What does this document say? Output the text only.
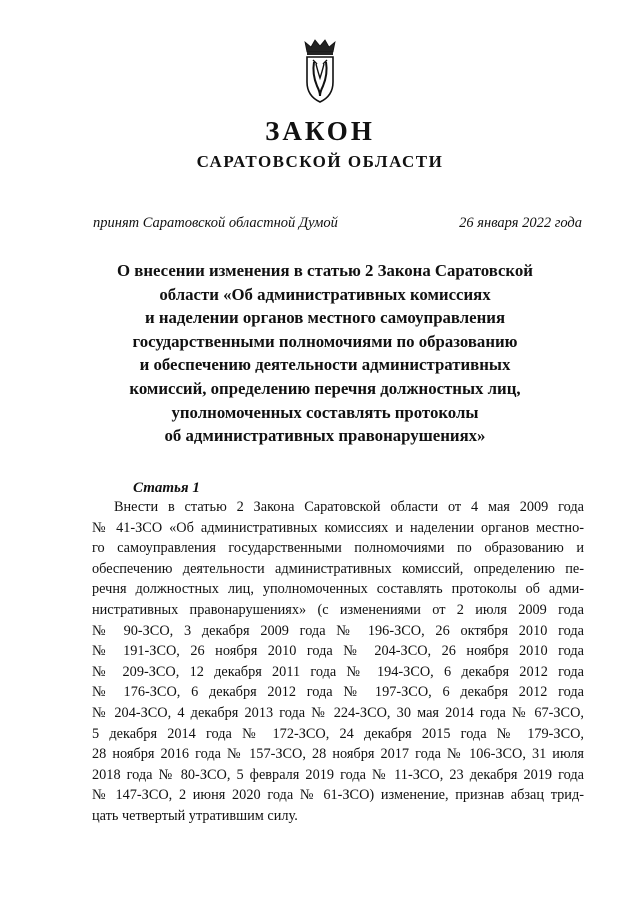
ЗАКОН
САРАТОВСКОЙ ОБЛАСТИ
принят Саратовской областной Думой	26 января 2022 года
О внесении изменения в статью 2 Закона Саратовской
области «Об административных комиссиях
и наделении органов местного самоуправления
государственными полномочиями по образованию
и обеспечению деятельности административных
комиссий, определению перечня должностных лиц,
уполномоченных составлять протоколы
об административных правонарушениях»
Статья 1
Внести в статью 2 Закона Саратовской области от 4 мая 2009 года
№ 41-ЗСО «Об административных комиссиях и наделении органов местно-
го самоуправления государственными полномочиями по образованию и
обеспечению деятельности административных комиссий, определению пе-
речня должностных лиц, уполномоченных составлять протоколы об адми-
нистративных правонарушениях» (с изменениями от 2 июля 2009 года
№ 90-ЗСО, 3 декабря 2009 года № 196-ЗСО, 26 октября 2010 года
№ 191-ЗСО, 26 ноября 2010 года № 204-ЗСО, 26 ноября 2010 года
№ 209-ЗСО, 12 декабря 2011 года № 194-ЗСО, 6 декабря 2012 года
№ 176-ЗСО, 6 декабря 2012 года № 197-ЗСО, 6 декабря 2012 года
№ 204-ЗСО, 4 декабря 2013 года № 224-ЗСО, 30 мая 2014 года № 67-ЗСО,
5 декабря 2014 года № 172-ЗСО, 24 декабря 2015 года № 179-ЗСО,
28 ноября 2016 года № 157-ЗСО, 28 ноября 2017 года № 106-ЗСО, 31 июля
2018 года № 80-ЗСО, 5 февраля 2019 года № 11-ЗСО, 23 декабря 2019 года
№ 147-ЗСО, 2 июня 2020 года № 61-ЗСО) изменение, признав абзац трид-
цать четвертый утратившим силу.
